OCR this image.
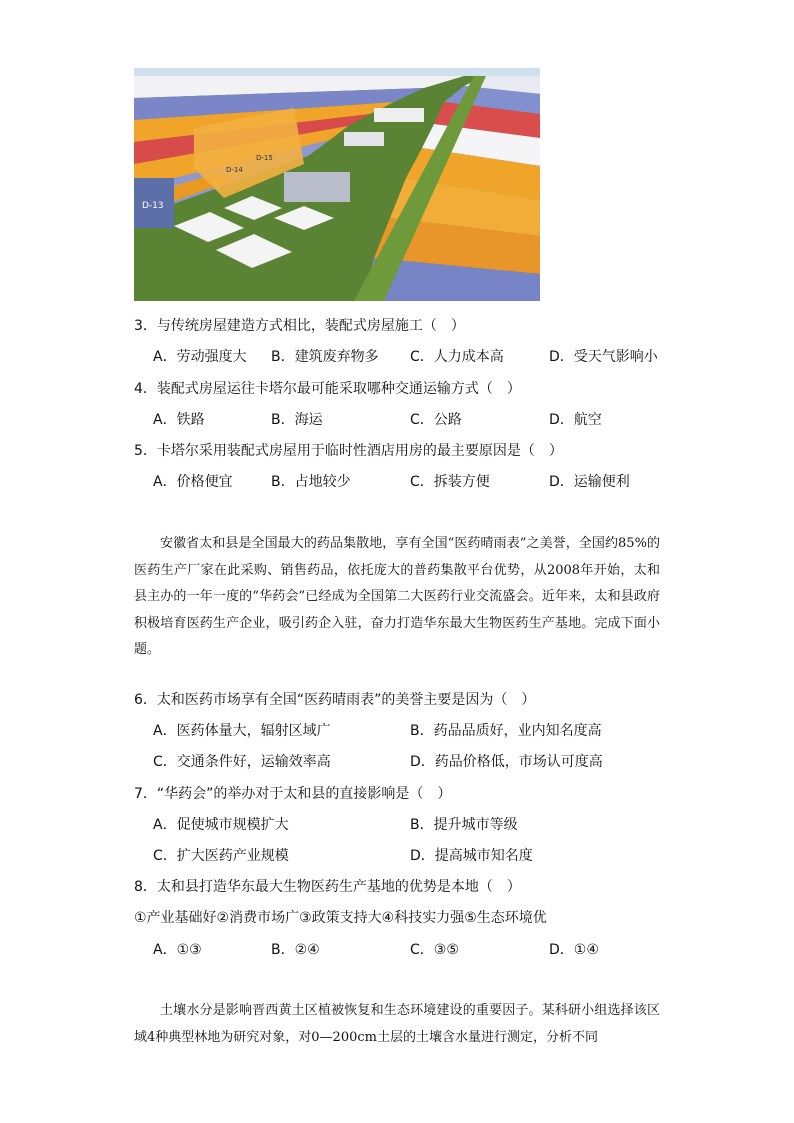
D-13
D-14
D-15
3．与传统房屋建造方式相比，装配式房屋施工（　）
A．劳动强度大 B．建筑废弃物多 C．人力成本高	D．受天气影响小
4．装配式房屋运往卡塔尔最可能采取哪种交通运输方式（　）
A．铁路	B．海运	C．公路	D．航空
5．卡塔尔采用装配式房屋用于临时性酒店用房的最主要原因是（　）
A．价格便宜	B．占地较少	C．拆装方便	D．运输便利

安徽省太和县是全国最大的药品集散地，享有全国“医药晴雨表”之美誉，全国约85%的医药生产厂家在此采购、销售药品，依托庞大的普药集散平台优势，从2008年开始，太和县主办的一年一度的“华药会”已经成为全国第二大医药行业交流盛会。近年来，太和县政府积极培育医药生产企业，吸引药企入驻，奋力打造华东最大生物医药生产基地。完成下面小题。

6．太和医药市场享有全国“医药晴雨表”的美誉主要是因为（　）
A．医药体量大，辐射区域广	B．药品品质好，业内知名度高
C．交通条件好，运输效率高	D．药品价格低，市场认可度高
7．“华药会”的举办对于太和县的直接影响是（　）
A．促使城市规模扩大	B．提升城市等级
C．扩大医药产业规模	D．提高城市知名度
8．太和县打造华东最大生物医药生产基地的优势是本地（　）
①产业基础好②消费市场广③政策支持大④科技实力强⑤生态环境优
A．①③	B．②④	C．③⑤	D．①④

土壤水分是影响晋西黄土区植被恢复和生态环境建设的重要因子。某科研小组选择该区域4种典型林地为研究对象，对0—200cm土层的土壤含水量进行测定，分析不同
